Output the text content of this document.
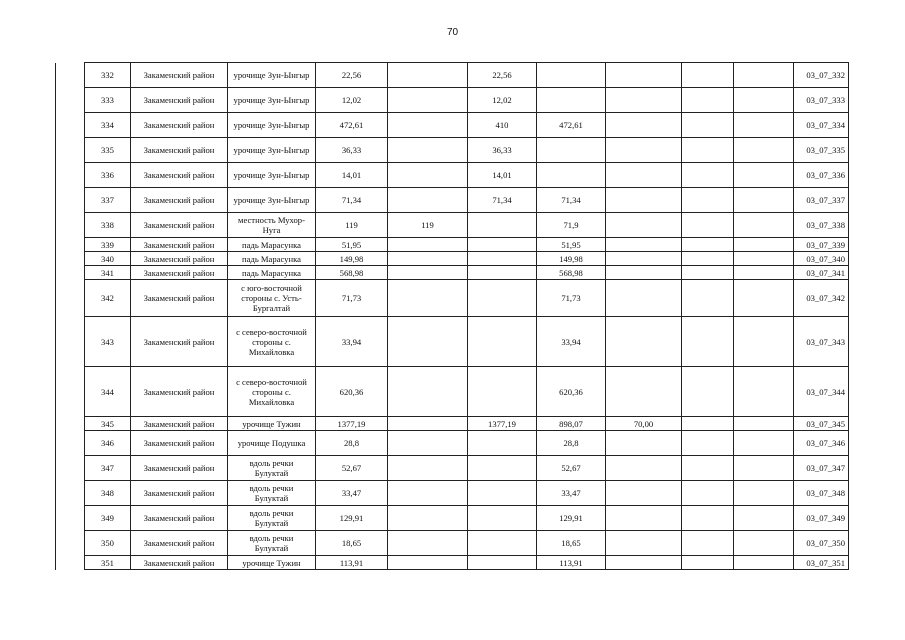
70
332	Закаменский район	урочище Зун-Ынгыр	22,56		22,56					03_07_332
333	Закаменский район	урочище Зун-Ынгыр	12,02		12,02					03_07_333
334	Закаменский район	урочище Зун-Ынгыр	472,61		410	472,61				03_07_334
335	Закаменский район	урочище Зун-Ынгыр	36,33		36,33					03_07_335
336	Закаменский район	урочище Зун-Ынгыр	14,01		14,01					03_07_336
337	Закаменский район	урочище Зун-Ынгыр	71,34		71,34	71,34				03_07_337
338	Закаменский район	местность Мухор-Нуга	119	119		71,9				03_07_338
339	Закаменский район	падь Марасунка	51,95			51,95				03_07_339
340	Закаменский район	падь Марасунка	149,98			149,98				03_07_340
341	Закаменский район	падь Марасунка	568,98			568,98				03_07_341
342	Закаменский район	с юго-восточной стороны с. Усть-Бургалтай	71,73			71,73				03_07_342
343	Закаменский район	с северо-восточной стороны с. Михайловка	33,94			33,94				03_07_343
344	Закаменский район	с северо-восточной стороны с. Михайловка	620,36			620,36				03_07_344
345	Закаменский район	урочище Тужин	1377,19		1377,19	898,07	70,00			03_07_345
346	Закаменский район	урочище Подушка	28,8			28,8				03_07_346
347	Закаменский район	вдоль речки Булуктай	52,67			52,67				03_07_347
348	Закаменский район	вдоль речки Булуктай	33,47			33,47				03_07_348
349	Закаменский район	вдоль речки Булуктай	129,91			129,91				03_07_349
350	Закаменский район	вдоль речки Булуктай	18,65			18,65				03_07_350
351	Закаменский район	урочище Тужин	113,91			113,91				03_07_351
